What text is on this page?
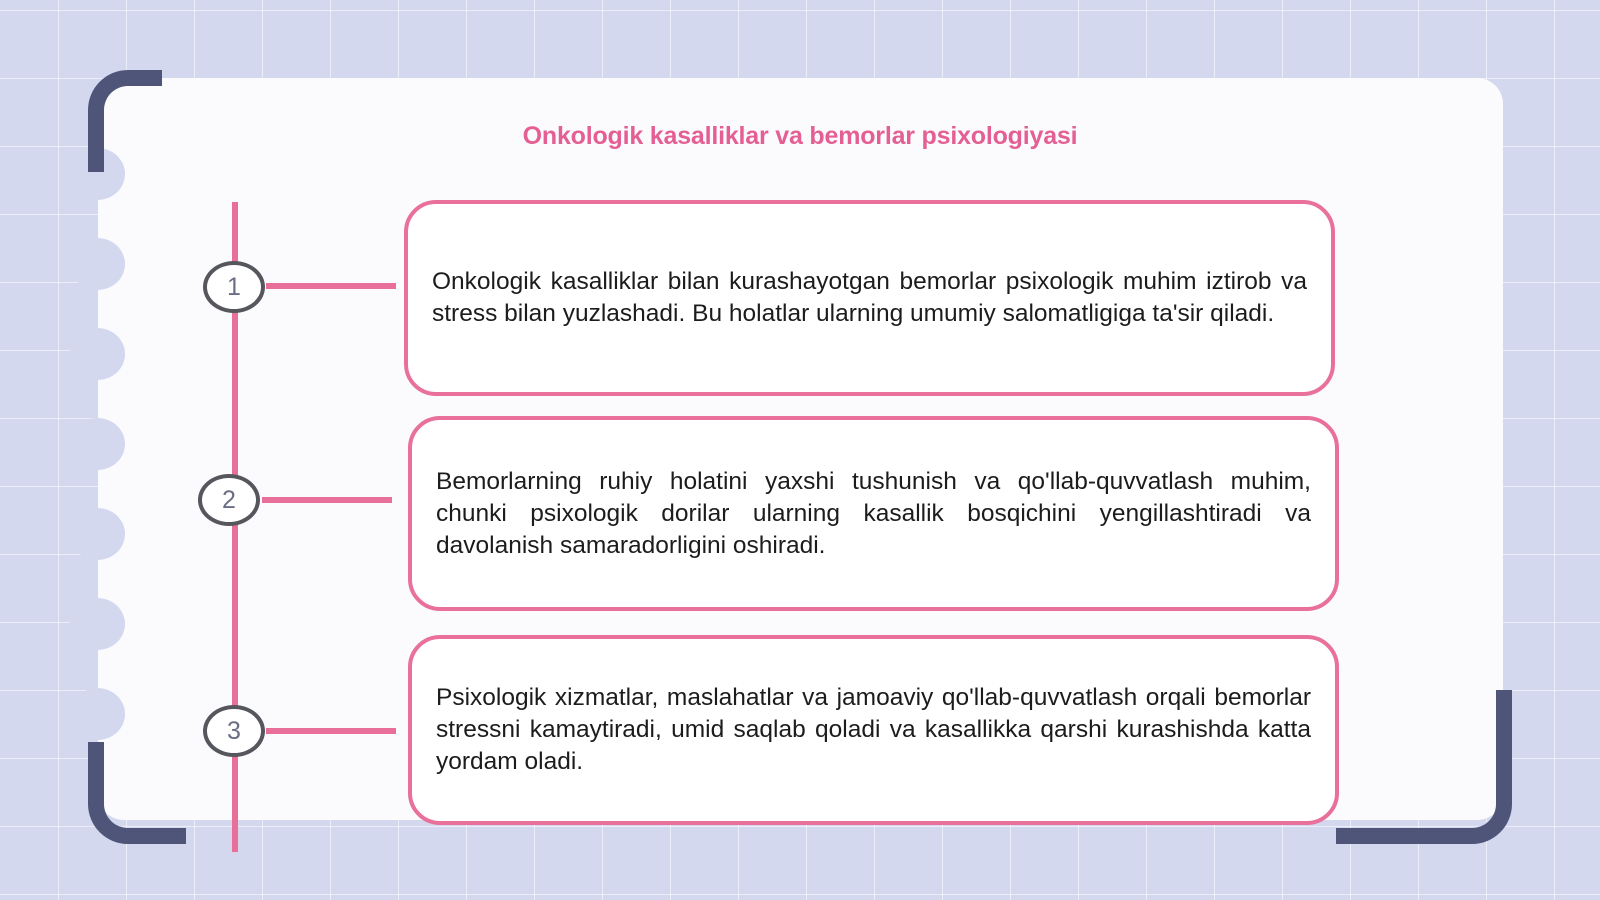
Onkologik kasalliklar va bemorlar psixologiyasi
1
2
3

Onkologik kasalliklar bilan kurashayotgan bemorlar psixologik muhim iztirob va stress bilan yuzlashadi. Bu holatlar ularning umumiy salomatligiga ta'sir qiladi.

Bemorlarning ruhiy holatini yaxshi tushunish va qo'llab-quvvatlash muhim, chunki psixologik dorilar ularning kasallik bosqichini yengillashtiradi va davolanish samaradorligini oshiradi.

Psixologik xizmatlar, maslahatlar va jamoaviy qo'llab-quvvatlash orqali bemorlar stressni kamaytiradi, umid saqlab qoladi va kasallikka qarshi kurashishda katta yordam oladi.
